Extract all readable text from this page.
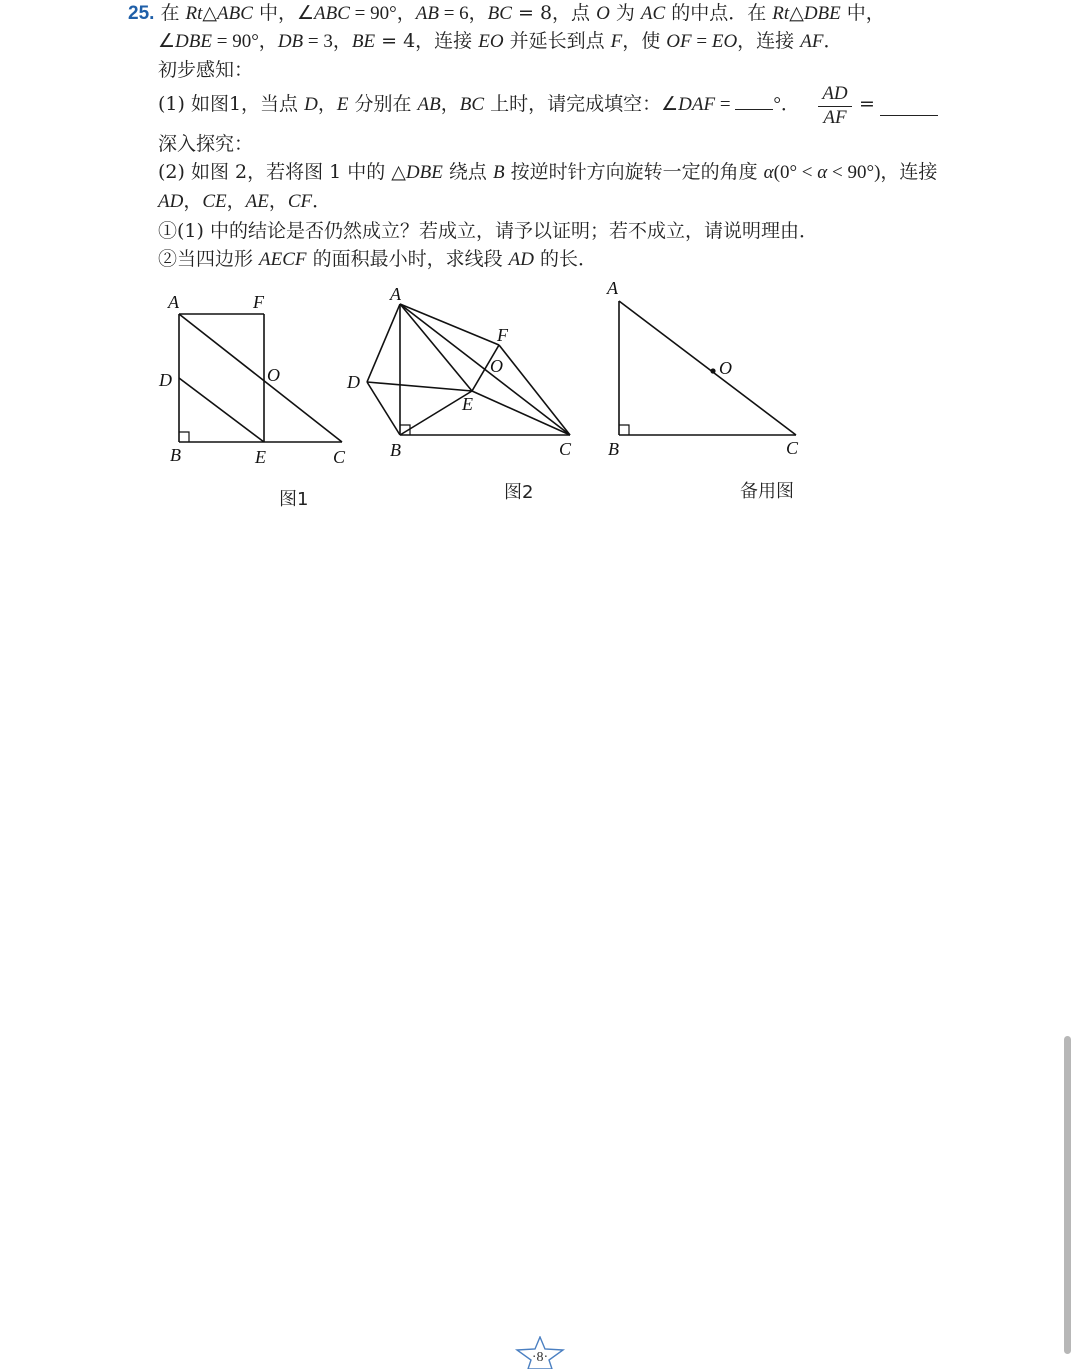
25. 在 Rt△ABC 中，∠ABC = 90°，AB = 6，BC = 8，点 O 为 AC 的中点．在 Rt△DBE 中，
∠DBE = 90°，DB = 3，BE = 4，连接 EO 并延长到点 F，使 OF = EO，连接 AF．
初步感知：
(1) 如图1，当点 D，E 分别在 AB，BC 上时，请完成填空：∠DAF = °．
AD
AF
=
深入探究：
(2) 如图 2，若将图 1 中的 △DBE 绕点 B 按逆时针方向旋转一定的角度 α(0° < α < 90°)，连接
AD，CE，AE，CF．
①(1) 中的结论是否仍然成立？若成立，请予以证明；若不成立，请说明理由．
②当四边形 AECF 的面积最小时，求线段 AD 的长．
A	F
D	O
B	E	C
A
F
O
D
E
B	C
A
O
B	C
图1	图2	备用图
·8·
